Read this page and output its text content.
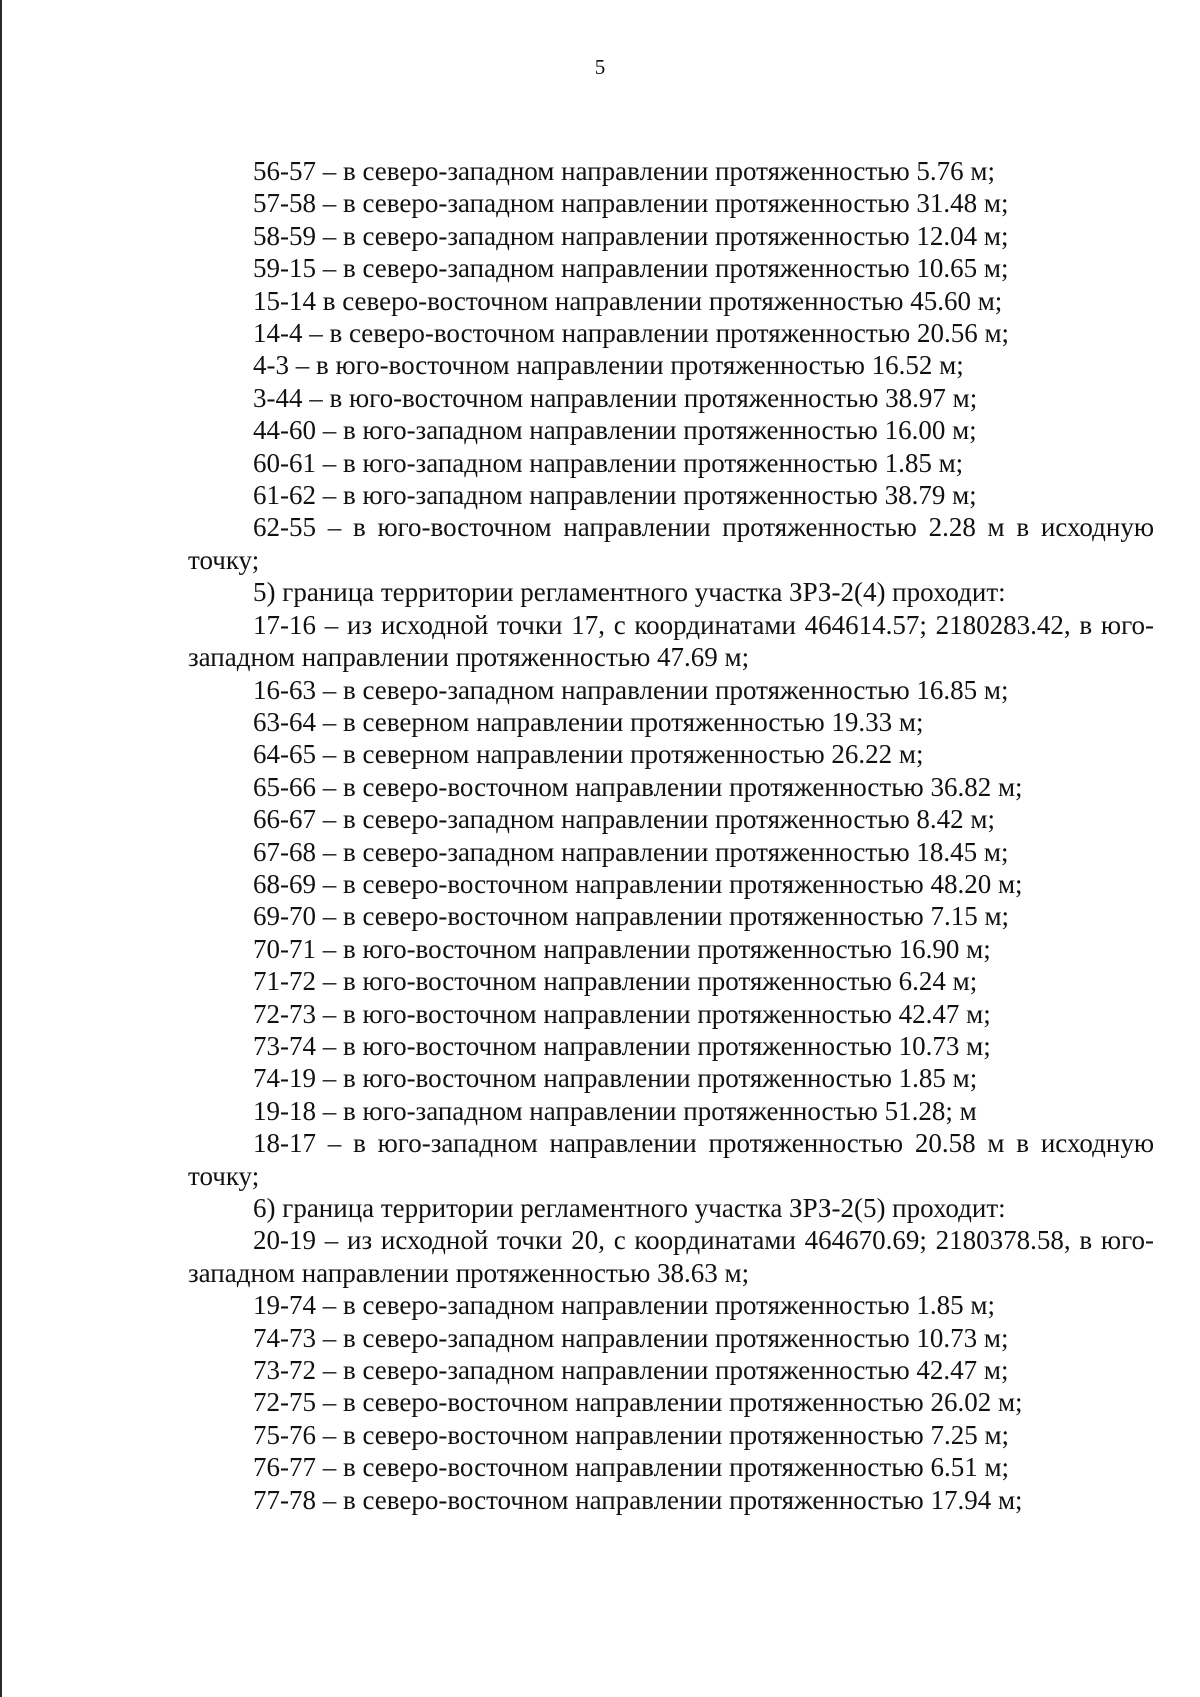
5
56-57 – в северо-западном направлении протяженностью 5.76 м;
57-58 – в северо-западном направлении протяженностью 31.48 м;
58-59 – в северо-западном направлении протяженностью 12.04 м;
59-15 – в северо-западном направлении протяженностью 10.65 м;
15-14 в северо-восточном направлении протяженностью 45.60 м;
14-4 – в северо-восточном направлении протяженностью 20.56 м;
4-3 – в юго-восточном направлении протяженностью 16.52 м;
3-44 – в юго-восточном направлении протяженностью 38.97 м;
44-60 – в юго-западном направлении протяженностью 16.00 м;
60-61 – в юго-западном направлении протяженностью 1.85 м;
61-62 – в юго-западном направлении протяженностью 38.79 м;

62-55 – в юго-восточном направлении протяженностью 2.28 м в исходную точку;

5) граница территории регламентного участка ЗРЗ-2(4) проходит:

17-16 – из исходной точки 17, с координатами 464614.57; 2180283.42, в юго-западном направлении протяженностью 47.69 м;

16-63 – в северо-западном направлении протяженностью 16.85 м;
63-64 – в северном направлении протяженностью 19.33 м;
64-65 – в северном направлении протяженностью 26.22 м;
65-66 – в северо-восточном направлении протяженностью 36.82 м;
66-67 – в северо-западном направлении протяженностью 8.42 м;
67-68 – в северо-западном направлении протяженностью 18.45 м;
68-69 – в северо-восточном направлении протяженностью 48.20 м;
69-70 – в северо-восточном направлении протяженностью 7.15 м;
70-71 – в юго-восточном направлении протяженностью 16.90 м;
71-72 – в юго-восточном направлении протяженностью 6.24 м;
72-73 – в юго-восточном направлении протяженностью 42.47 м;
73-74 – в юго-восточном направлении протяженностью 10.73 м;
74-19 – в юго-восточном направлении протяженностью 1.85 м;
19-18 – в юго-западном направлении протяженностью 51.28; м

18-17 – в юго-западном направлении протяженностью 20.58 м в исходную точку;

6) граница территории регламентного участка ЗРЗ-2(5) проходит:

20-19 – из исходной точки 20, с координатами 464670.69; 2180378.58, в юго-западном направлении протяженностью 38.63 м;

19-74 – в северо-западном направлении протяженностью 1.85 м;
74-73 – в северо-западном направлении протяженностью 10.73 м;
73-72 – в северо-западном направлении протяженностью 42.47 м;
72-75 – в северо-восточном направлении протяженностью 26.02 м;
75-76 – в северо-восточном направлении протяженностью 7.25 м;
76-77 – в северо-восточном направлении протяженностью 6.51 м;
77-78 – в северо-восточном направлении протяженностью 17.94 м;
